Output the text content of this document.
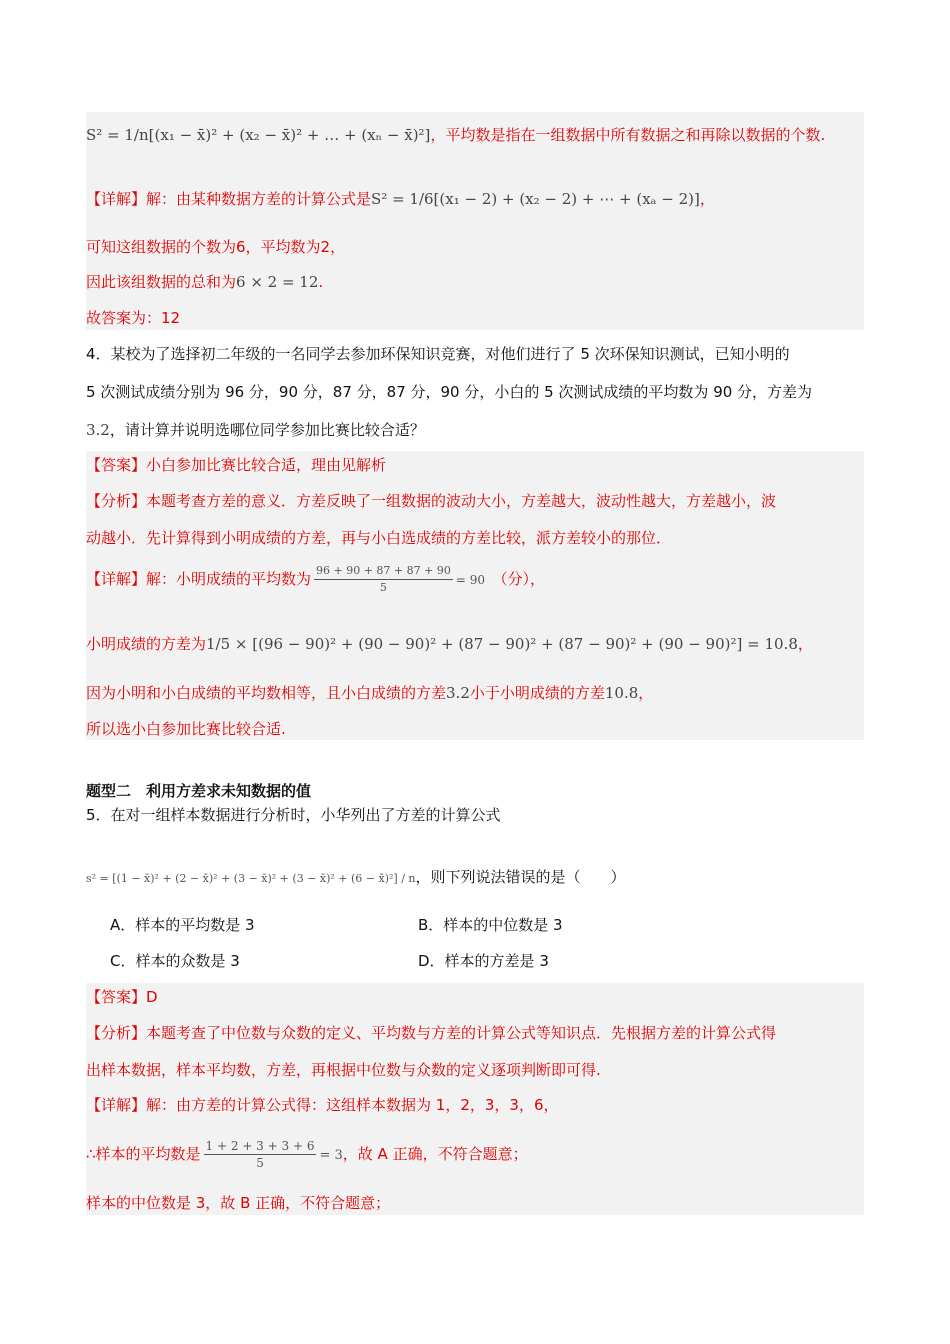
S² = 1/n[(x₁ − x̄)² + (x₂ − x̄)² + … + (xₙ − x̄)²]，平均数是指在一组数据中所有数据之和再除以数据的个数.
【详解】解：由某种数据方差的计算公式是S² = 1/6[(x₁ − 2) + (x₂ − 2) + ⋯ + (xₐ − 2)]，
可知这组数据的个数为6，平均数为2，
因此该组数据的总和为6 × 2 = 12.
故答案为：12
4．某校为了选择初二年级的一名同学去参加环保知识竞赛，对他们进行了 5 次环保知识测试，已知小明的
5 次测试成绩分别为 96 分，90 分，87 分，87 分，90 分，小白的 5 次测试成绩的平均数为 90 分，方差为
3.2，请计算并说明选哪位同学参加比赛比较合适？
【答案】小白参加比赛比较合适，理由见解析
【分析】本题考查方差的意义．方差反映了一组数据的波动大小，方差越大，波动性越大，方差越小，波
动越小．先计算得到小明成绩的方差，再与小白选成绩的方差比较，派方差较小的那位．
【详解】解：小明成绩的平均数为 $\frac{96 + 90 + 87 + 87 + 90}{5} = 90$　 （分），
小明成绩的方差为1/5 × [(96 − 90)² + (90 − 90)² + (87 − 90)² + (87 − 90)² + (90 − 90)²] = 10.8，
因为小明和小白成绩的平均数相等，且小白成绩的方差3.2小于小明成绩的方差10.8，
所以选小白参加比赛比较合适.
题型二　利用方差求未知数据的值
5．在对一组样本数据进行分析时，小华列出了方差的计算公式
s² = [(1 − x̄)² + (2 − x̄)² + (3 − x̄)² + (3 − x̄)² + (6 − x̄)²] / n，则下列说法错误的是（　　）
A．样本的平均数是 3	B．样本的中位数是 3
C．样本的众数是 3	D．样本的方差是 3
【答案】D
【分析】本题考查了中位数与众数的定义、平均数与方差的计算公式等知识点．先根据方差的计算公式得
出样本数据，样本平均数，方差，再根据中位数与众数的定义逐项判断即可得.
【详解】解：由方差的计算公式得：这组样本数据为 1，2，3，3，6，
∴样本的平均数是 $\frac{1 + 2 + 3 + 3 + 6}{5} = 3$，故 A 正确，不符合题意；
样本的中位数是 3，故 B 正确，不符合题意；
